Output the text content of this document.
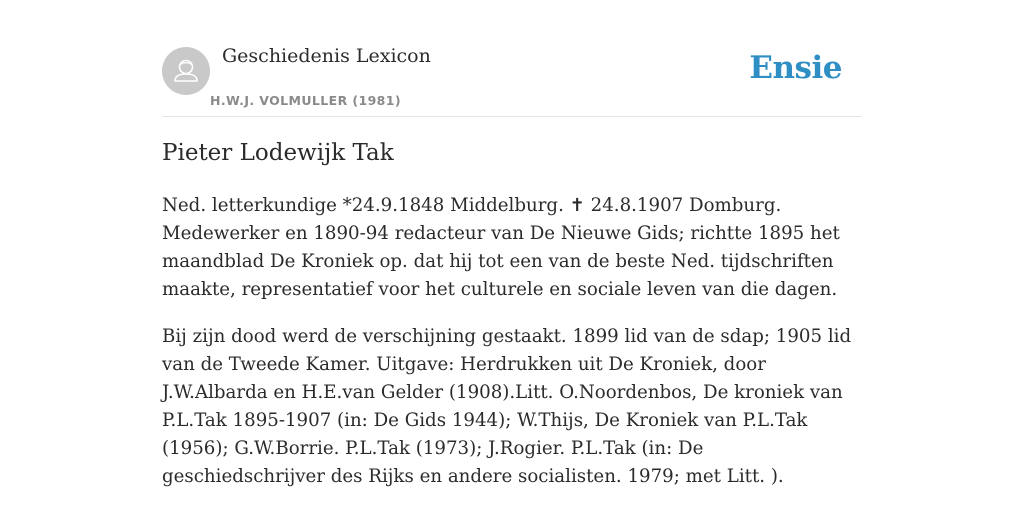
Geschiedenis Lexicon
H.W.J. VOLMULLER (1981)
Ensie
Pieter Lodewijk Tak

Ned. letterkundige *24.9.1848 Middelburg. ✝ 24.8.1907 Domburg. Medewerker en 1890-94 redacteur van De Nieuwe Gids; richtte 1895 het maandblad De Kroniek op. dat hij tot een van de beste Ned. tijdschriften maakte, representatief voor het culturele en sociale leven van die dagen.

Bij zijn dood werd de verschijning gestaakt. 1899 lid van de sdap; 1905 lid van de Tweede Kamer. Uitgave: Herdrukken uit De Kroniek, door J.W.Albarda en H.E.van Gelder (1908).Litt. O.Noordenbos, De kroniek van P.L.Tak 1895-1907 (in: De Gids 1944); W.Thijs, De Kroniek van P.L.Tak (1956); G.W.Borrie. P.L.Tak (1973); J.Rogier. P.L.Tak (in: De geschiedschrijver des Rijks en andere socialisten. 1979; met Litt. ).
